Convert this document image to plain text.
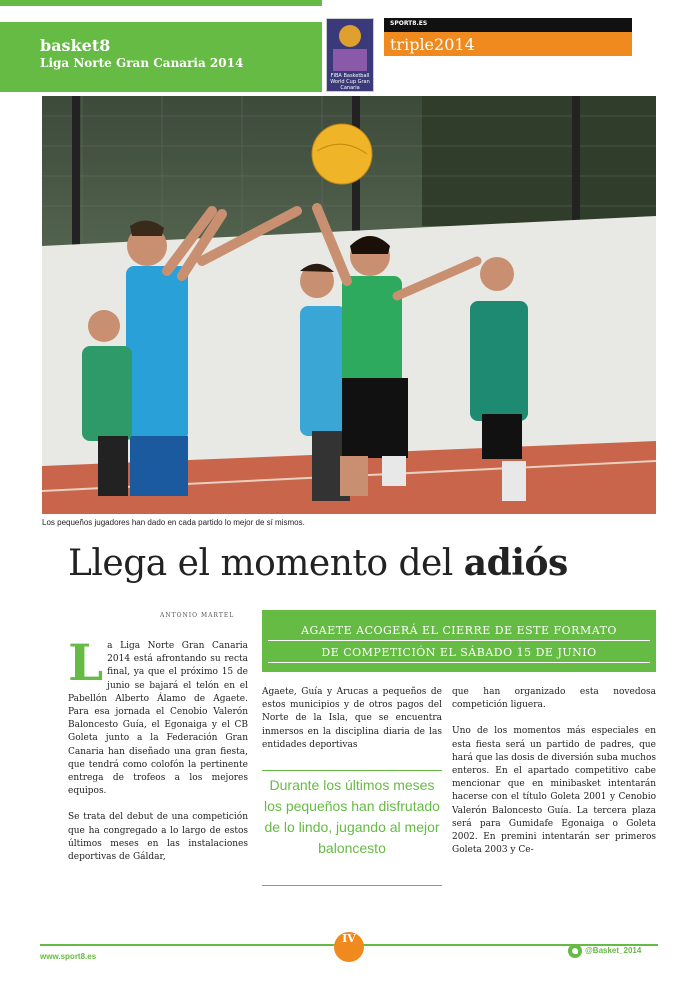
basket8
Liga Norte Gran Canaria 2014
FIBA Basketball World Cup Gran Canaria
SPORT8.ES
triple2014
Los pequeños jugadores han dado en cada partido lo mejor de sí mismos.
Llega el momento del adiós
ANTONIO MARTEL
AGAETE ACOGERÁ EL CIERRE DE ESTE FORMATO
DE COMPETICIÓN EL SÁBADO 15 DE JUNIO
L a Liga Norte Gran Canaria 2014 está afrontando su recta final, ya que el próximo 15 de junio se bajará el telón en el Pabellón Alberto Álamo de Agaete. Para esa jornada el Cenobio Valerón Baloncesto Guía, el Egonaiga y el CB Goleta junto a la Federación Gran Canaria han diseñado una gran fiesta, que tendrá como colofón la pertinente entrega de trofeos a los mejores equipos.
Se trata del debut de una competición que ha congregado a lo largo de estos últimos meses en las instalaciones deportivas de Gáldar,
Agaete, Guía y Arucas a pequeños de estos municipios y de otros pagos del Norte de la Isla, que se encuentra inmersos en la disciplina diaria de las entidades deportivas
Durante los últimos meses los pequeños han disfrutado de lo lindo, jugando al mejor baloncesto
que han organizado esta novedosa competición liguera.
Uno de los momentos más especiales en esta fiesta será un partido de padres, que hará que las dosis de diversión suba muchos enteros. En el apartado competitivo cabe mencionar que en minibasket intentarán hacerse con el título Goleta 2001 y Cenobio Valerón Baloncesto Guía. La tercera plaza será para Gumidafe Egonaiga o Goleta 2002. En premini intentarán ser primeros Goleta 2003 y Ce-
www.sport8.es
IV
@Basket_2014
